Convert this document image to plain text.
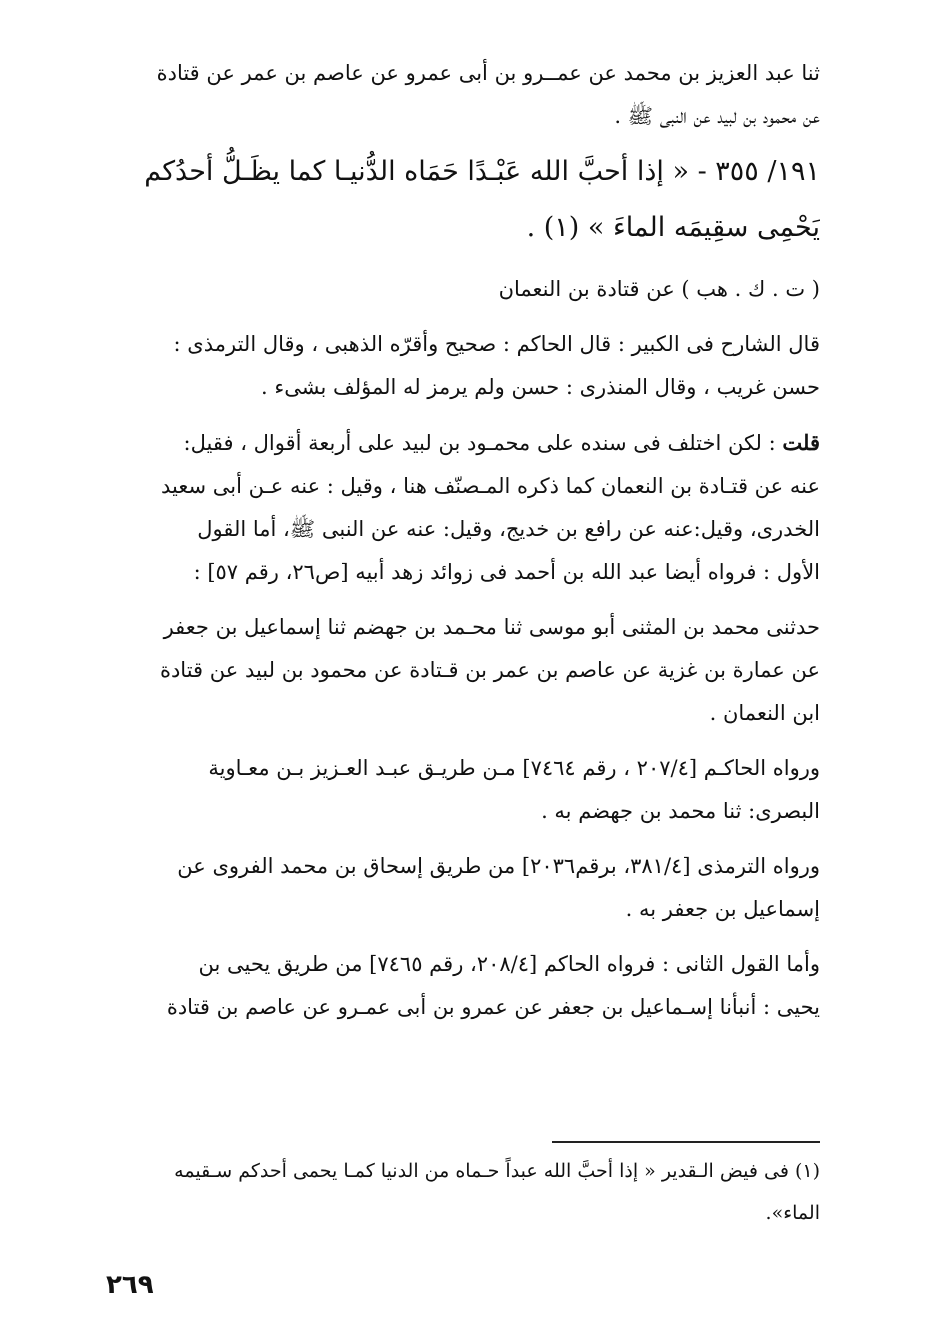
ثنا عبد العزيز بن محمد عن عمــرو بن أبى عمرو عن عاصم بن عمر عن قتادة
عن محمود بن لبيد عن النبى ﷺ .
١٩١/ ٣٥٥ - « إذا أحبَّ الله عَبْـدًا حَمَاه الدُّنيـا كما يظَـلُّ أحدُكم
يَحْمِى سقِيمَه الماءَ » (١) .
( ت . ك . هب ) عن قتادة بن النعمان
قال الشارح فى الكبير : قال الحاكم : صحيح وأقرّه الذهبى ، وقال الترمذى :
حسن غريب ، وقال المنذرى : حسن ولم يرمز له المؤلف بشىء .
قلت : لكن اختلف فى سنده على محمـود بن لبيد على أربعة أقوال ، فقيل:
عنه عن قتـادة بن النعمان كما ذكره المـصنّف هنا ، وقيل : عنه عـن أبى سعيد
الخدرى، وقيل:عنه عن رافع بن خديج، وقيل: عنه عن النبى ﷺ، أما القول
الأول : فرواه أيضا عبد الله بن أحمد فى زوائد زهد أبيه [ص٢٦، رقم ٥٧] :
حدثنى محمد بن المثنى أبو موسى ثنا محـمد بن جهضم ثنا إسماعيل بن جعفر
عن عمارة بن غزية عن عاصم بن عمر بن قـتادة عن محمود بن لبيد عن قتادة
ابن النعمان .
ورواه الحاكـم [٢٠٧/٤ ، رقم ٧٤٦٤] مـن طريـق عبـد العـزيز بـن معـاوية
البصرى: ثنا محمد بن جهضم به .
ورواه الترمذى [٣٨١/٤، برقم٢٠٣٦] من طريق إسحاق بن محمد الفروى عن
إسماعيل بن جعفر به .
وأما القول الثانى : فرواه الحاكم [٢٠٨/٤، رقم ٧٤٦٥] من طريق يحيى بن
يحيى : أنبأنا إسـماعيل بن جعفر عن عمرو بن أبى عمـرو عن عاصم بن قتادة
(١) فى فيض الـقدير « إذا أحبَّ الله عبداً حـماه من الدنيا كمـا يحمى أحدكم سـقيمه
الماء».
٢٦٩
